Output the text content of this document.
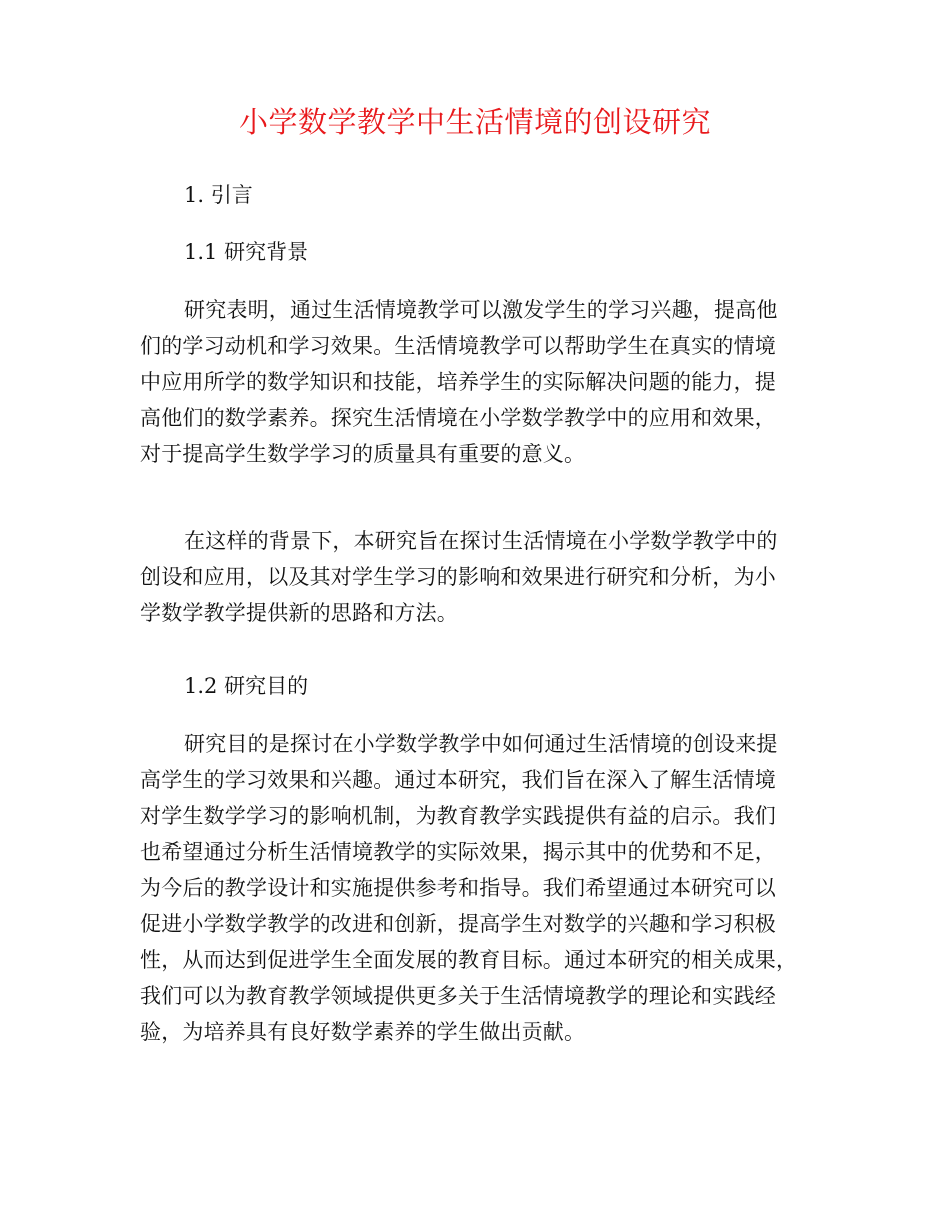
小学数学教学中生活情境的创设研究
1. 引言
1.1 研究背景
研究表明，通过生活情境教学可以激发学生的学习兴趣，提高他
们的学习动机和学习效果。生活情境教学可以帮助学生在真实的情境
中应用所学的数学知识和技能，培养学生的实际解决问题的能力，提
高他们的数学素养。探究生活情境在小学数学教学中的应用和效果，
对于提高学生数学学习的质量具有重要的意义。
在这样的背景下，本研究旨在探讨生活情境在小学数学教学中的
创设和应用，以及其对学生学习的影响和效果进行研究和分析，为小
学数学教学提供新的思路和方法。
1.2 研究目的
研究目的是探讨在小学数学教学中如何通过生活情境的创设来提
高学生的学习效果和兴趣。通过本研究，我们旨在深入了解生活情境
对学生数学学习的影响机制，为教育教学实践提供有益的启示。我们
也希望通过分析生活情境教学的实际效果，揭示其中的优势和不足，
为今后的教学设计和实施提供参考和指导。我们希望通过本研究可以
促进小学数学教学的改进和创新，提高学生对数学的兴趣和学习积极
性，从而达到促进学生全面发展的教育目标。通过本研究的相关成果，
我们可以为教育教学领域提供更多关于生活情境教学的理论和实践经
验，为培养具有良好数学素养的学生做出贡献。
